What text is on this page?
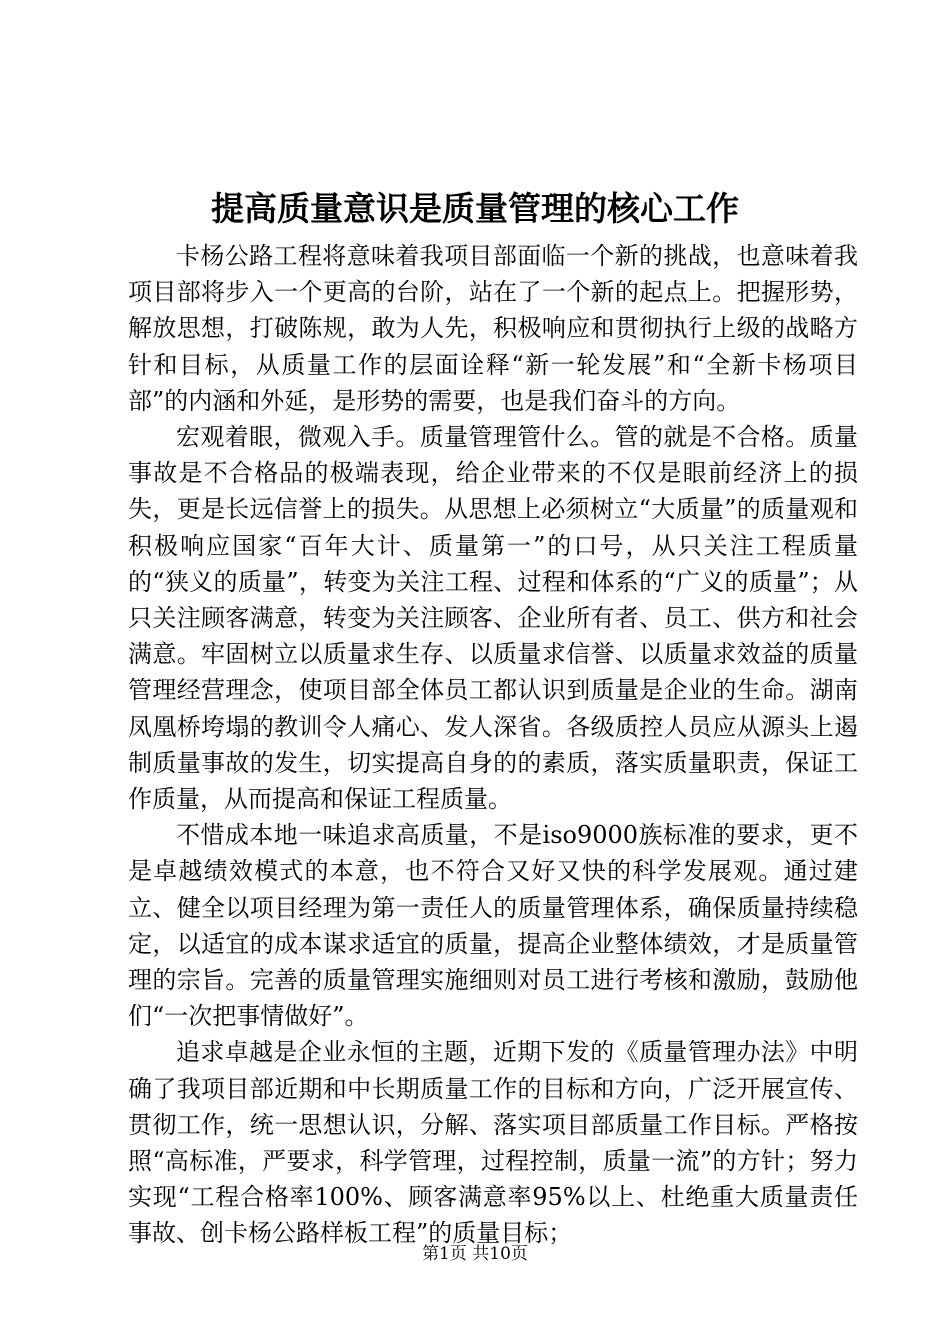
提高质量意识是质量管理的核心工作

卡杨公路工程将意味着我项目部面临一个新的挑战，也意味着我项目部将步入一个更高的台阶，站在了一个新的起点上。把握形势，解放思想，打破陈规，敢为人先，积极响应和贯彻执行上级的战略方针和目标，从质量工作的层面诠释“新一轮发展”和“全新卡杨项目部”的内涵和外延，是形势的需要，也是我们奋斗的方向。

宏观着眼，微观入手。质量管理管什么。管的就是不合格。质量事故是不合格品的极端表现，给企业带来的不仅是眼前经济上的损失，更是长远信誉上的损失。从思想上必须树立“大质量”的质量观和积极响应国家“百年大计、质量第一”的口号，从只关注工程质量的“狭义的质量”，转变为关注工程、过程和体系的“广义的质量”；从只关注顾客满意，转变为关注顾客、企业所有者、员工、供方和社会满意。牢固树立以质量求生存、以质量求信誉、以质量求效益的质量管理经营理念，使项目部全体员工都认识到质量是企业的生命。湖南凤凰桥垮塌的教训令人痛心、发人深省。各级质控人员应从源头上遏制质量事故的发生，切实提高自身的的素质，落实质量职责，保证工作质量，从而提高和保证工程质量。

不惜成本地一味追求高质量，不是iso9000族标准的要求，更不是卓越绩效模式的本意，也不符合又好又快的科学发展观。通过建立、健全以项目经理为第一责任人的质量管理体系，确保质量持续稳定，以适宜的成本谋求适宜的质量，提高企业整体绩效，才是质量管理的宗旨。完善的质量管理实施细则对员工进行考核和激励，鼓励他们“一次把事情做好”。

追求卓越是企业永恒的主题，近期下发的《质量管理办法》中明确了我项目部近期和中长期质量工作的目标和方向，广泛开展宣传、贯彻工作，统一思想认识，分解、落实项目部质量工作目标。严格按照“高标准，严要求，科学管理，过程控制，质量一流”的方针；努力实现“工程合格率100%、顾客满意率95%以上、杜绝重大质量责任事故、创卡杨公路样板工程”的质量目标；

第1页 共10页
